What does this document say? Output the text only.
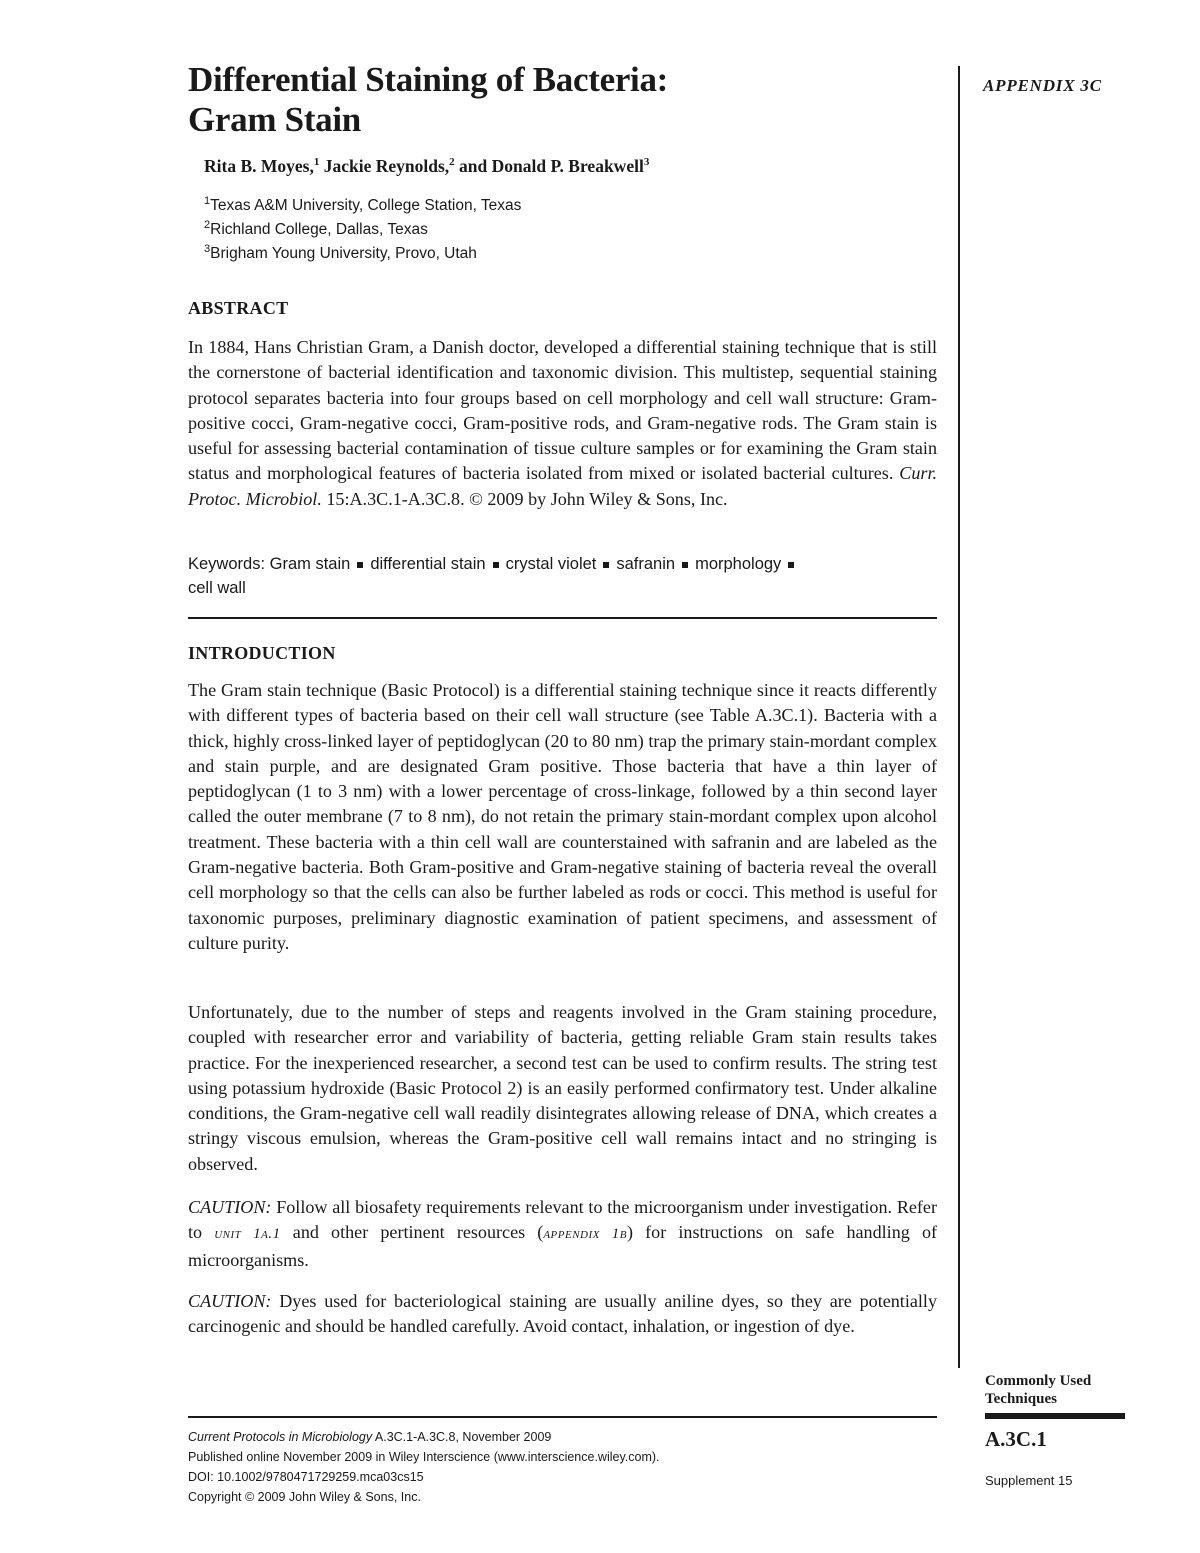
APPENDIX 3C
Differential Staining of Bacteria:
Gram Stain
Rita B. Moyes,$^1$ Jackie Reynolds,$^2$ and Donald P. Breakwell$^3$
$^1$Texas A&M University, College Station, Texas
$^2$Richland College, Dallas, Texas
$^3$Brigham Young University, Provo, Utah
ABSTRACT

In 1884, Hans Christian Gram, a Danish doctor, developed a differential staining technique that is still the cornerstone of bacterial identification and taxonomic division. This multistep, sequential staining protocol separates bacteria into four groups based on cell morphology and cell wall structure: Gram-positive cocci, Gram-negative cocci, Gram-positive rods, and Gram-negative rods. The Gram stain is useful for assessing bacterial contamination of tissue culture samples or for examining the Gram stain status and morphological features of bacteria isolated from mixed or isolated bacterial cultures. Curr. Protoc. Microbiol. 15:A.3C.1-A.3C.8. © 2009 by John Wiley & Sons, Inc.

Keywords: Gram stain differential stain crystal violet safranin morphology
cell wall
INTRODUCTION

The Gram stain technique (Basic Protocol) is a differential staining technique since it reacts differently with different types of bacteria based on their cell wall structure (see Table A.3C.1). Bacteria with a thick, highly cross-linked layer of peptidoglycan (20 to 80 nm) trap the primary stain-mordant complex and stain purple, and are designated Gram positive. Those bacteria that have a thin layer of peptidoglycan (1 to 3 nm) with a lower percentage of cross-linkage, followed by a thin second layer called the outer membrane (7 to 8 nm), do not retain the primary stain-mordant complex upon alcohol treatment. These bacteria with a thin cell wall are counterstained with safranin and are labeled as the Gram-negative bacteria. Both Gram-positive and Gram-negative staining of bacteria reveal the overall cell morphology so that the cells can also be further labeled as rods or cocci. This method is useful for taxonomic purposes, preliminary diagnostic examination of patient specimens, and assessment of culture purity.

Unfortunately, due to the number of steps and reagents involved in the Gram staining procedure, coupled with researcher error and variability of bacteria, getting reliable Gram stain results takes practice. For the inexperienced researcher, a second test can be used to confirm results. The string test using potassium hydroxide (Basic Protocol 2) is an easily performed confirmatory test. Under alkaline conditions, the Gram-negative cell wall readily disintegrates allowing release of DNA, which creates a stringy viscous emulsion, whereas the Gram-positive cell wall remains intact and no stringing is observed.

CAUTION: Follow all biosafety requirements relevant to the microorganism under investigation. Refer to unit 1a.1 and other pertinent resources (appendix 1b) for instructions on safe handling of microorganisms.

CAUTION: Dyes used for bacteriological staining are usually aniline dyes, so they are potentially carcinogenic and should be handled carefully. Avoid contact, inhalation, or ingestion of dye.

Commonly Used
Techniques
A.3C.1
Supplement 15
Current Protocols in Microbiology A.3C.1-A.3C.8, November 2009
Published online November 2009 in Wiley Interscience (www.interscience.wiley.com).
DOI: 10.1002/9780471729259.mca03cs15
Copyright © 2009 John Wiley & Sons, Inc.
